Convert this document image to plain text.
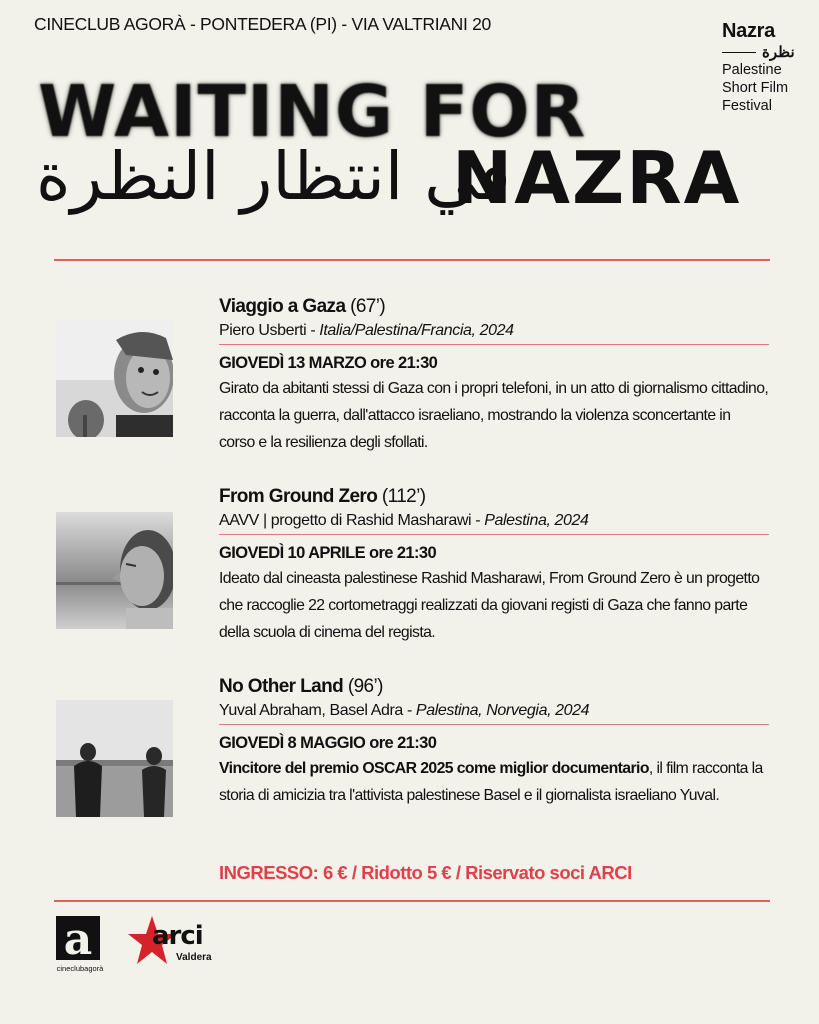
CINECLUB AGORÀ - PONTEDERA (PI) - VIA VALTRIANI 20	Nazra
نظرة
Palestine
Short Film
Festival
WAITING FOR
في انتظار النظرة
NAZRA
Viaggio a Gaza (67’)
Piero Usberti - Italia/Palestina/Francia, 2024
GIOVEDÌ 13 MARZO ore 21:30
Girato da abitanti stessi di Gaza con i propri telefoni, in un atto di giornalismo cittadino, racconta la guerra, dall'attacco israeliano, mostrando la violenza sconcertante in corso e la resilienza degli sfollati.
From Ground Zero (112’)
AAVV | progetto di Rashid Masharawi - Palestina, 2024
GIOVEDÌ 10 APRILE ore 21:30
Ideato dal cineasta palestinese Rashid Masharawi, From Ground Zero è un progetto che raccoglie 22 cortometraggi realizzati da giovani registi di Gaza che fanno parte della scuola di cinema del regista.
No Other Land (96’)
Yuval Abraham, Basel Adra - Palestina, Norvegia, 2024
GIOVEDÌ 8 MAGGIO ore 21:30
Vincitore del premio OSCAR 2025 come miglior documentario, il film racconta la storia di amicizia tra l'attivista palestinese Basel e il giornalista israeliano Yuval.
INGRESSO: 6 € / Ridotto 5 € / Riservato soci ARCI
a
cineclubagorà
arci
Valdera
